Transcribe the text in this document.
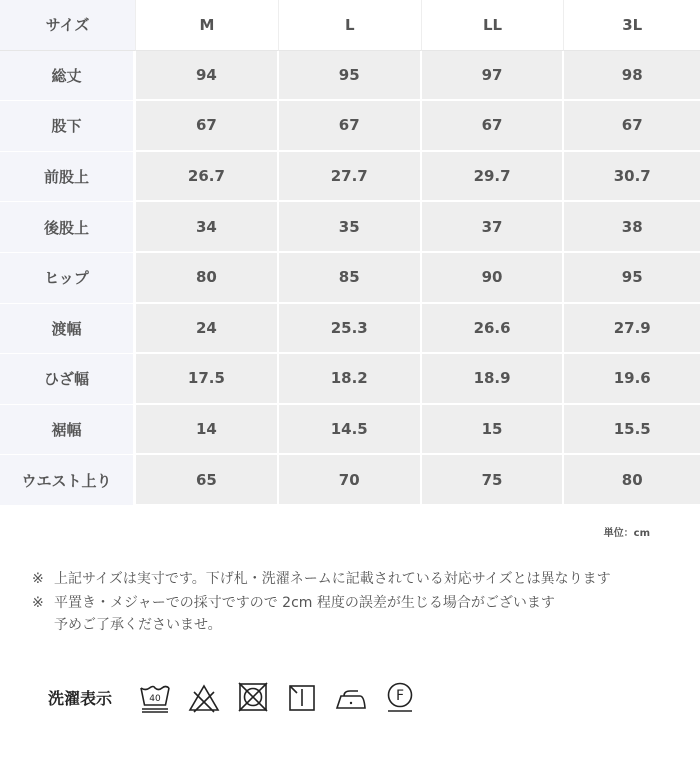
サイズ	M	L	LL	3L
総丈	94	95	97	98
股下	67	67	67	67
前股上	26.7	27.7	29.7	30.7
後股上	34	35	37	38
ヒップ	80	85	90	95
渡幅	24	25.3	26.6	27.9
ひざ幅	17.5	18.2	18.9	19.6
裾幅	14	14.5	15	15.5
ウエスト上り	65	70	75	80
単位：cm
※ 上記サイズは実寸です。下げ札・洗濯ネームに記載されている対応サイズとは異なります
※ 平置き・メジャーでの採寸ですので 2cm 程度の誤差が生じる場合がございます
予めご了承くださいませ。
洗濯表示	40	F
